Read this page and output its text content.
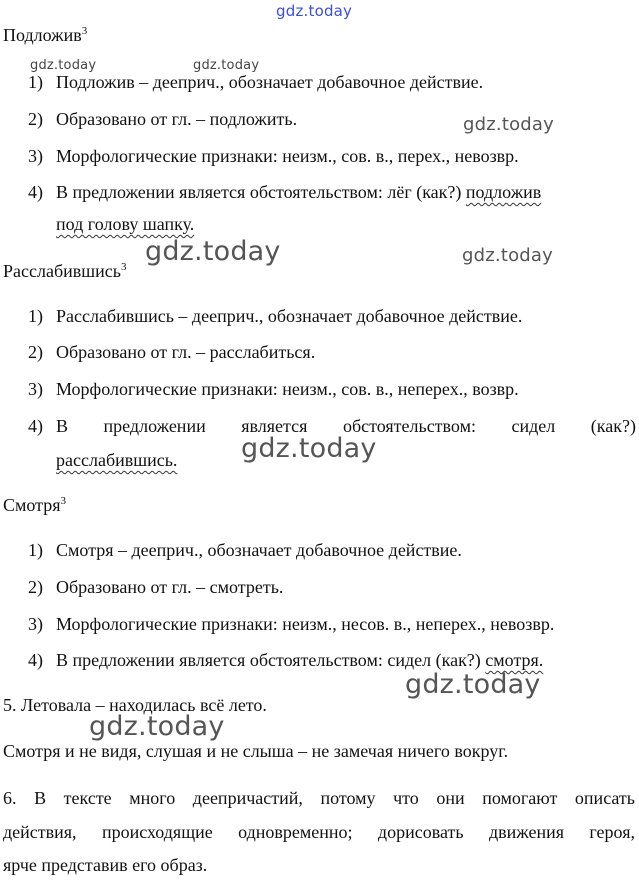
gdz.today
Подложив$^3$
gdz.today	gdz.today
1) Подложив – дееприч., обозначает добавочное действие.
2) Образовано от гл. – подложить.	gdz.today
3) Морфологические признаки: неизм., сов. в., перех., невозвр.
4) В предложении является обстоятельством: лёг (как?) подложив
под голову шапку.
gdz.today	gdz.today
Расслабившись$^3$
1) Расслабившись – дееприч., обозначает добавочное действие.
2) Образовано от гл. – расслабиться.
3) Морфологические признаки: неизм., сов. в., неперех., возвр.
4) В предложении является обстоятельством: сидел (как?)
расслабившись. gdz.today
Смотря$^3$
1) Смотря – дееприч., обозначает добавочное действие.
2) Образовано от гл. – смотреть.
3) Морфологические признаки: неизм., несов. в., неперех., невозвр.
4) В предложении является обстоятельством: сидел (как?) смотря.
gdz.today
5. Летовала – находилась всё лето.
gdz.today
Смотря и не видя, слушая и не слыша – не замечая ничего вокруг.
6. В тексте много деепричастий, потому что они помогают описать
действия, происходящие одновременно; дорисовать движения героя,
ярче представив его образ.
